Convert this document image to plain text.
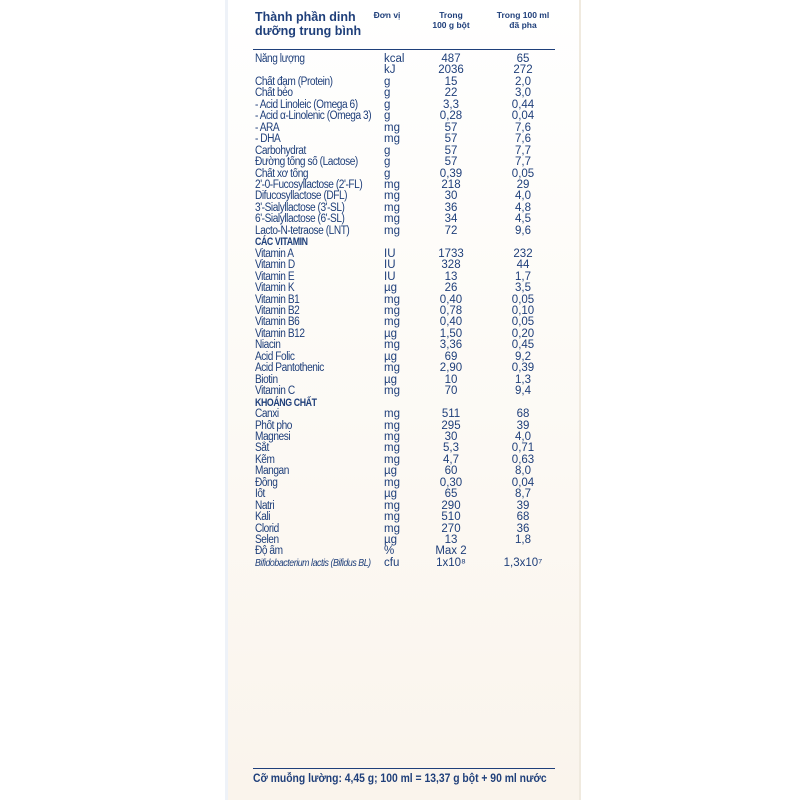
Thành phần dinh dưỡng trung bình
Đơn vị	Trong 100 g bột
Trong 100 ml đã pha
Năng lượng	kcal	487	65
kJ	2036	272
Chất đạm (Protein)	g	15	2,0
Chất béo	g	22	3,0
- Acid Linoleic (Omega 6) g	3,3	0,44
- Acid α-Linolenic (Omega 3) g	0,28	0,04
- ARA	mg	57	7,6
- DHA	mg	57	7,6
Carbohydrat	g	57	7,7
Đường tổng số (Lactose) g	57	7,7
Chất xơ tổng	g	0,39	0,05
2'-0-Fucosyllactose (2'-FL) mg	218	29
Difucosyllactose (DFL)	mg	30	4,0
3'-Sialyllactose (3'-SL)	mg	36	4,8
6'-Sialyllactose (6'-SL)	mg	34	4,5
Lacto-N-tetraose (LNT)	mg	72	9,6
CÁC VITAMIN
Vitamin A	IU	1733	232
Vitamin D	IU	328	44
Vitamin E	IU	13	1,7
Vitamin K	µg	26	3,5
Vitamin B1	mg	0,40	0,05
Vitamin B2	mg	0,78	0,10
Vitamin B6	mg	0,40	0,05
Vitamin B12	µg	1,50	0,20
Niacin	mg	3,36	0,45
Acid Folic	µg	69	9,2
Acid Pantothenic	mg	2,90	0,39
Biotin	µg	10	1,3
Vitamin C	mg	70	9,4
KHOÁNG CHẤT
Canxi	mg	511	68
Phốt pho	mg	295	39
Magnesi	mg	30	4,0
Sắt	mg	5,3	0,71
Kẽm	mg	4,7	0,63
Mangan	µg	60	8,0
Đồng	mg	0,30	0,04
Iốt	µg	65	8,7
Natri	mg	290	39
Kali	mg	510	68
Clorid	mg	270	36
Selen	µg	13	1,8
Độ ẩm	%	Max 2
Bifidobacterium lactis (Bifidus BL) cfu	1x10⁸	1,3x10⁷
Cỡ muỗng lường: 4,45 g; 100 ml = 13,37 g bột + 90 ml nước
